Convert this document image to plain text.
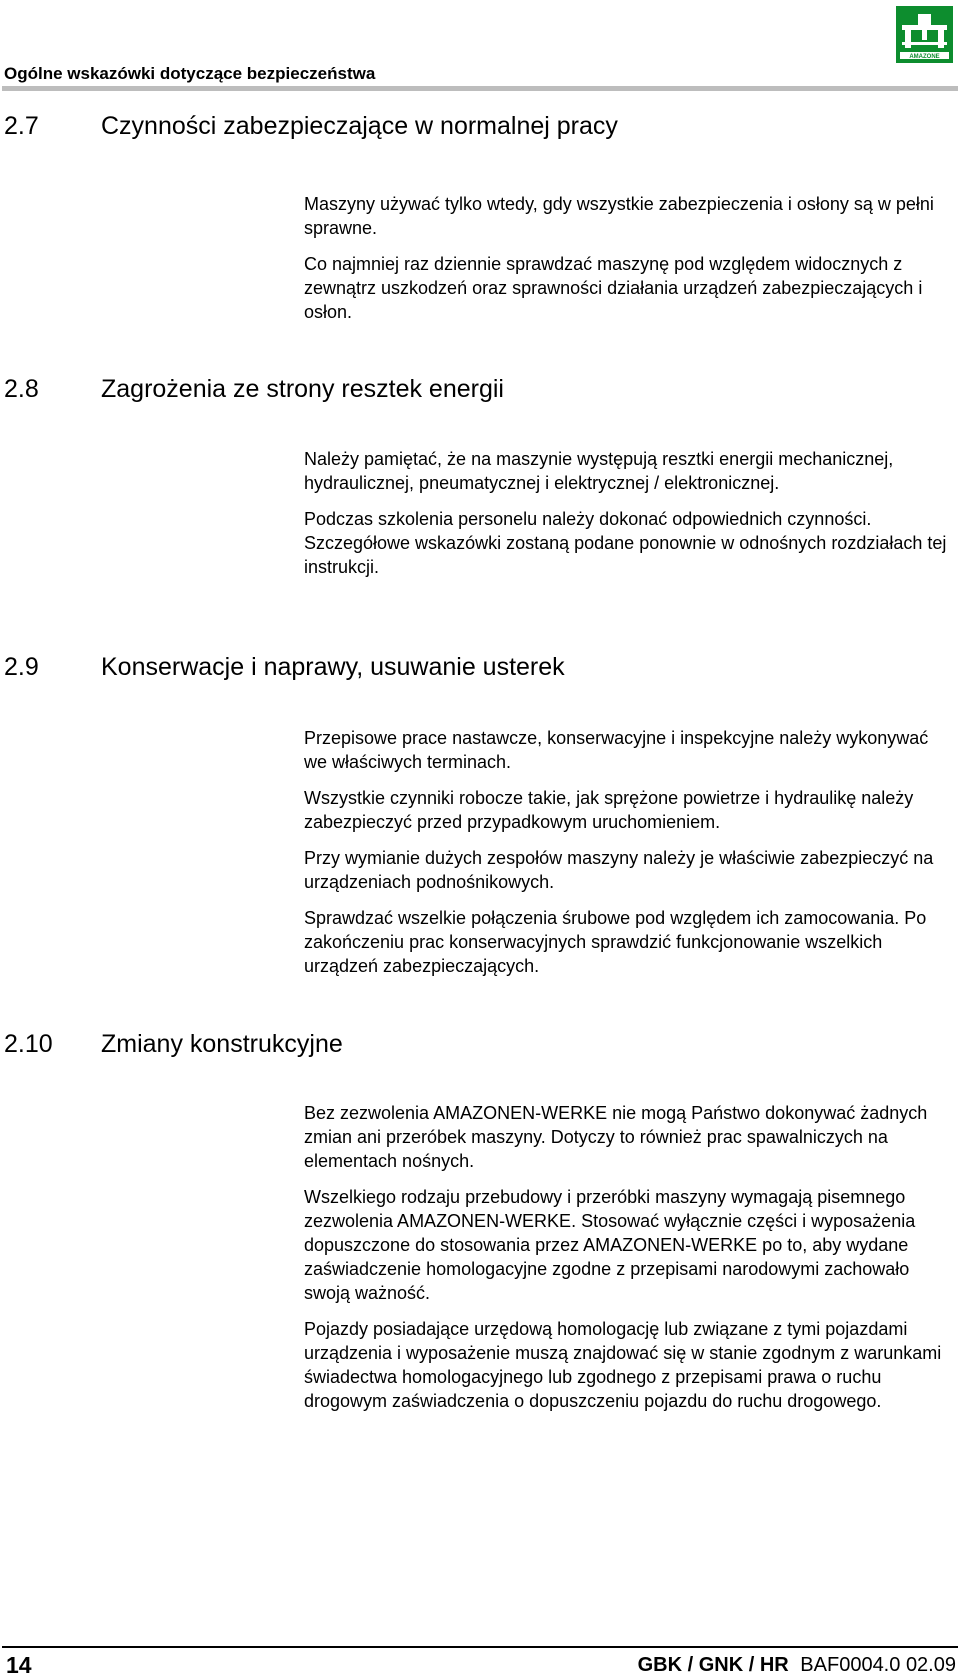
Ogólne wskazówki dotyczące bezpieczeństwa
AMAZONE
2.7	Czynności zabezpieczające w normalnej pracy

Maszyny używać tylko wtedy, gdy wszystkie zabezpieczenia i osłony są w pełni sprawne.

Co najmniej raz dziennie sprawdzać maszynę pod względem widocznych z zewnątrz uszkodzeń oraz sprawności działania urządzeń zabezpieczających i osłon.

2.8	Zagrożenia ze strony resztek energii

Należy pamiętać, że na maszynie występują resztki energii mechanicznej, hydraulicznej, pneumatycznej i elektrycznej / elektronicznej.

Podczas szkolenia personelu należy dokonać odpowiednich czynności. Szczegółowe wskazówki zostaną podane ponownie w odnośnych rozdziałach tej instrukcji.

2.9	Konserwacje i naprawy, usuwanie usterek

Przepisowe prace nastawcze, konserwacyjne i inspekcyjne należy wykonywać we właściwych terminach.

Wszystkie czynniki robocze takie, jak sprężone powietrze i hydraulikę należy zabezpieczyć przed przypadkowym uruchomieniem.

Przy wymianie dużych zespołów maszyny należy je właściwie zabezpieczyć na urządzeniach podnośnikowych.

Sprawdzać wszelkie połączenia śrubowe pod względem ich zamocowania. Po zakończeniu prac konserwacyjnych sprawdzić funkcjonowanie wszelkich urządzeń zabezpieczających.

2.10	Zmiany konstrukcyjne

Bez zezwolenia AMAZONEN-WERKE nie mogą Państwo dokonywać żadnych zmian ani przeróbek maszyny. Dotyczy to również prac spawalniczych na elementach nośnych.

Wszelkiego rodzaju przebudowy i przeróbki maszyny wymagają pisemnego zezwolenia AMAZONEN-WERKE. Stosować wyłącznie części i wyposażenia dopuszczone do stosowania przez AMAZONEN-WERKE po to, aby wydane zaświadczenie homologacyjne zgodne z przepisami narodowymi zachowało swoją ważność.

Pojazdy posiadające urzędową homologację lub związane z tymi pojazdami urządzenia i wyposażenie muszą znajdować się w stanie zgodnym z warunkami świadectwa homologacyjnego lub zgodnego z przepisami prawa o ruchu drogowym zaświadczenia o dopuszczeniu pojazdu do ruchu drogowego.

14	GBK / GNK / HR BAF0004.0 02.09
